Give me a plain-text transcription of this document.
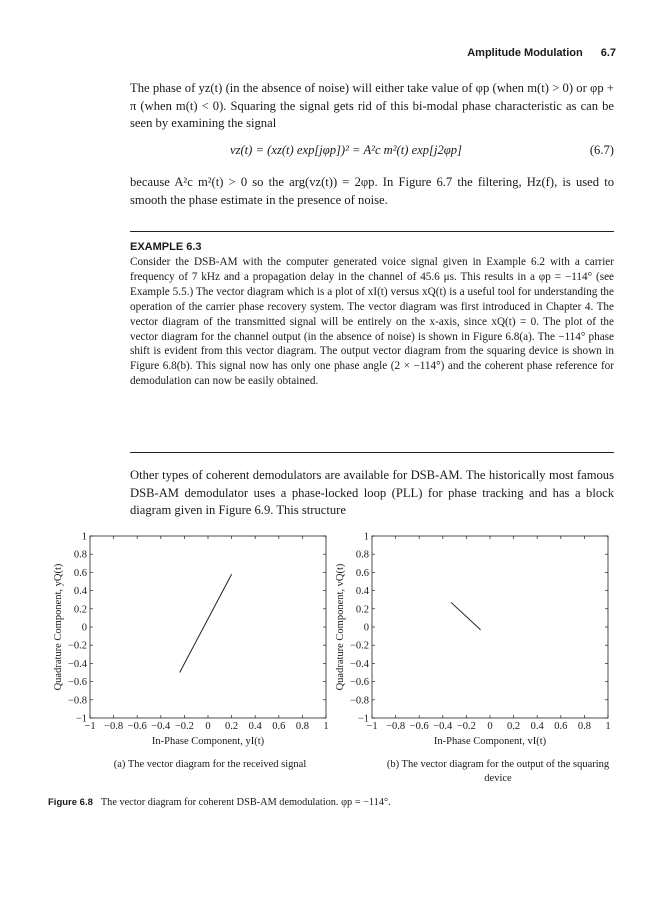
Amplitude Modulation 6.7
The phase of yz(t) (in the absence of noise) will either take value of φp (when m(t) > 0) or φp + π (when m(t) < 0). Squaring the signal gets rid of this bi-modal phase characteristic as can be seen by examining the signal
vz(t) = (xz(t) exp[jφp])² = A²c m²(t) exp[j2φp]	(6.7)
because A²c m²(t) > 0 so the arg(vz(t)) = 2φp. In Figure 6.7 the filtering, Hz(f), is used to smooth the phase estimate in the presence of noise.
EXAMPLE 6.3
Consider the DSB-AM with the computer generated voice signal given in Example 6.2 with a carrier frequency of 7 kHz and a propagation delay in the channel of 45.6 μs. This results in a φp = −114° (see Example 5.5.) The vector diagram which is a plot of xI(t) versus xQ(t) is a useful tool for understanding the operation of the carrier phase recovery system. The vector diagram was first introduced in Chapter 4. The vector diagram of the transmitted signal will be entirely on the x-axis, since xQ(t) = 0. The plot of the vector diagram for the channel output (in the absence of noise) is shown in Figure 6.8(a). The −114° phase shift is evident from this vector diagram. The output vector diagram from the squaring device is shown in Figure 6.8(b). This signal now has only one phase angle (2 × −114°) and the coherent phase reference for demodulation can now be easily obtained.
Other types of coherent demodulators are available for DSB-AM. The historically most famous DSB-AM demodulator uses a phase-locked loop (PLL) for phase tracking and has a block diagram given in Figure 6.9. This structure
−1 −0.8 −0.6 −0.4 −0.2 0 0.2 0.4 0.6 0.8 1
1
0.8
0.6
0.4
0.2
0
−0.2
−0.4
−0.6
−0.8
−1
In-Phase Component, yI(t)
Quadrature Component, yQ(t)
−1 −0.8 −0.6 −0.4 −0.2 0 0.2 0.4 0.6 0.8 1
1
0.8
0.6
0.4
0.2
0
−0.2
−0.4
−0.6
−0.8
−1
In-Phase Component, vI(t)
Quadrature Component, vQ(t)
(a) The vector diagram for the received signal	(b) The vector diagram for the output of the squaring device
Figure 6.8 The vector diagram for coherent DSB-AM demodulation. φp = −114°.
